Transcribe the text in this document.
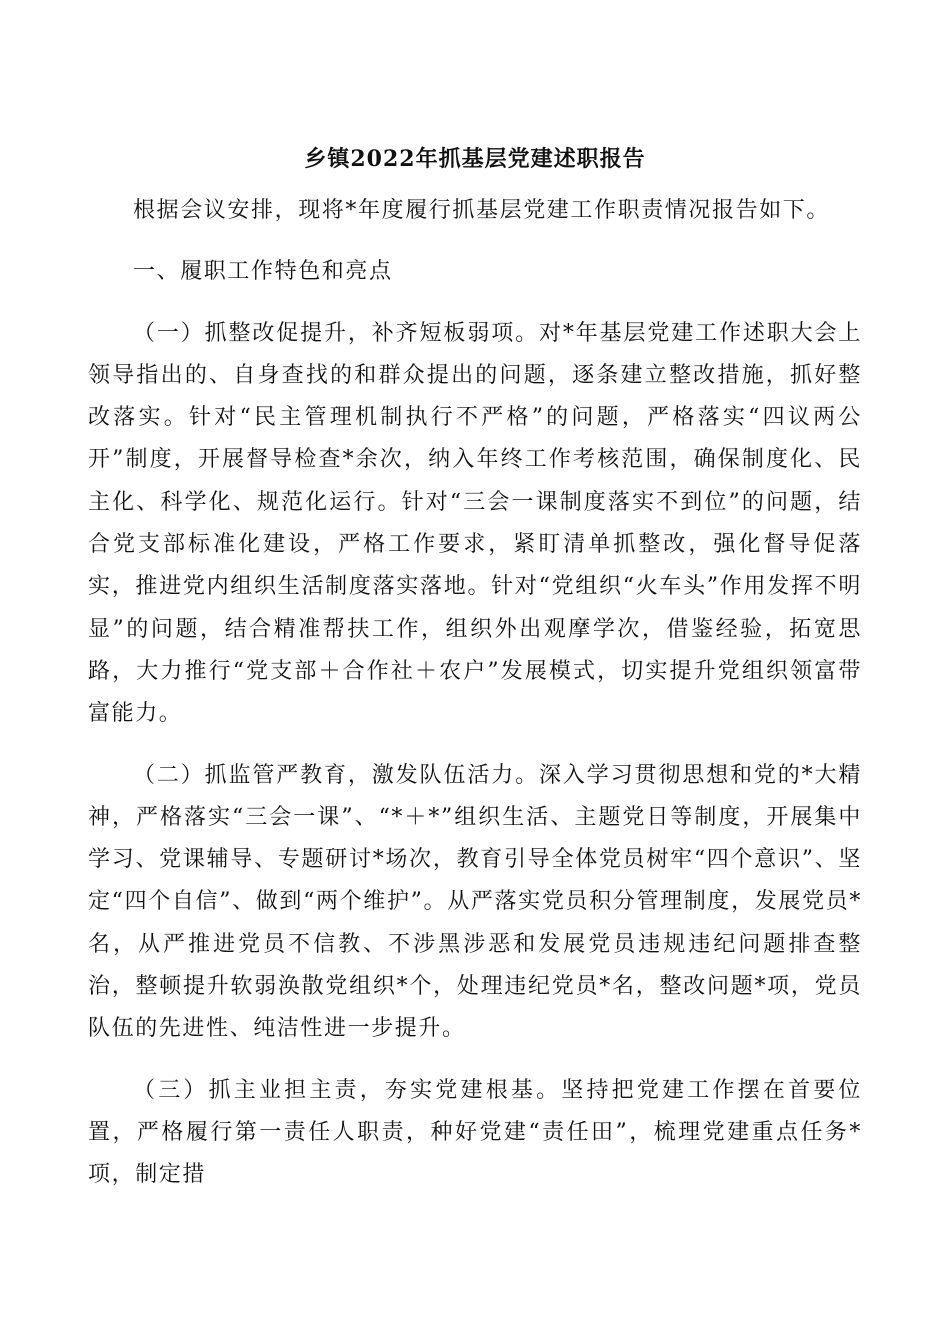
乡镇2022年抓基层党建述职报告

根据会议安排，现将*年度履行抓基层党建工作职责情况报告如下。

一、履职工作特色和亮点

（一）抓整改促提升，补齐短板弱项。对*年基层党建工作述职大会上领导指出的、自身查找的和群众提出的问题，逐条建立整改措施，抓好整改落实。针对“民主管理机制执行不严格”的问题，严格落实“四议两公开”制度，开展督导检查*余次，纳入年终工作考核范围，确保制度化、民主化、科学化、规范化运行。针对“三会一课制度落实不到位”的问题，结合党支部标准化建设，严格工作要求，紧盯清单抓整改，强化督导促落实，推进党内组织生活制度落实落地。针对“党组织“火车头”作用发挥不明显”的问题，结合精准帮扶工作，组织外出观摩学次，借鉴经验，拓宽思路，大力推行“党支部＋合作社＋农户”发展模式，切实提升党组织领富带富能力。

（二）抓监管严教育，激发队伍活力。深入学习贯彻思想和党的*大精神，严格落实“三会一课”、“*＋*”组织生活、主题党日等制度，开展集中学习、党课辅导、专题研讨*场次，教育引导全体党员树牢“四个意识”、坚定“四个自信”、做到“两个维护”。从严落实党员积分管理制度，发展党员*名，从严推进党员不信教、不涉黑涉恶和发展党员违规违纪问题排查整治，整顿提升软弱涣散党组织*个，处理违纪党员*名，整改问题*项，党员队伍的先进性、纯洁性进一步提升。

（三）抓主业担主责，夯实党建根基。坚持把党建工作摆在首要位置，严格履行第一责任人职责，种好党建“责任田”，梳理党建重点任务*项，制定措
